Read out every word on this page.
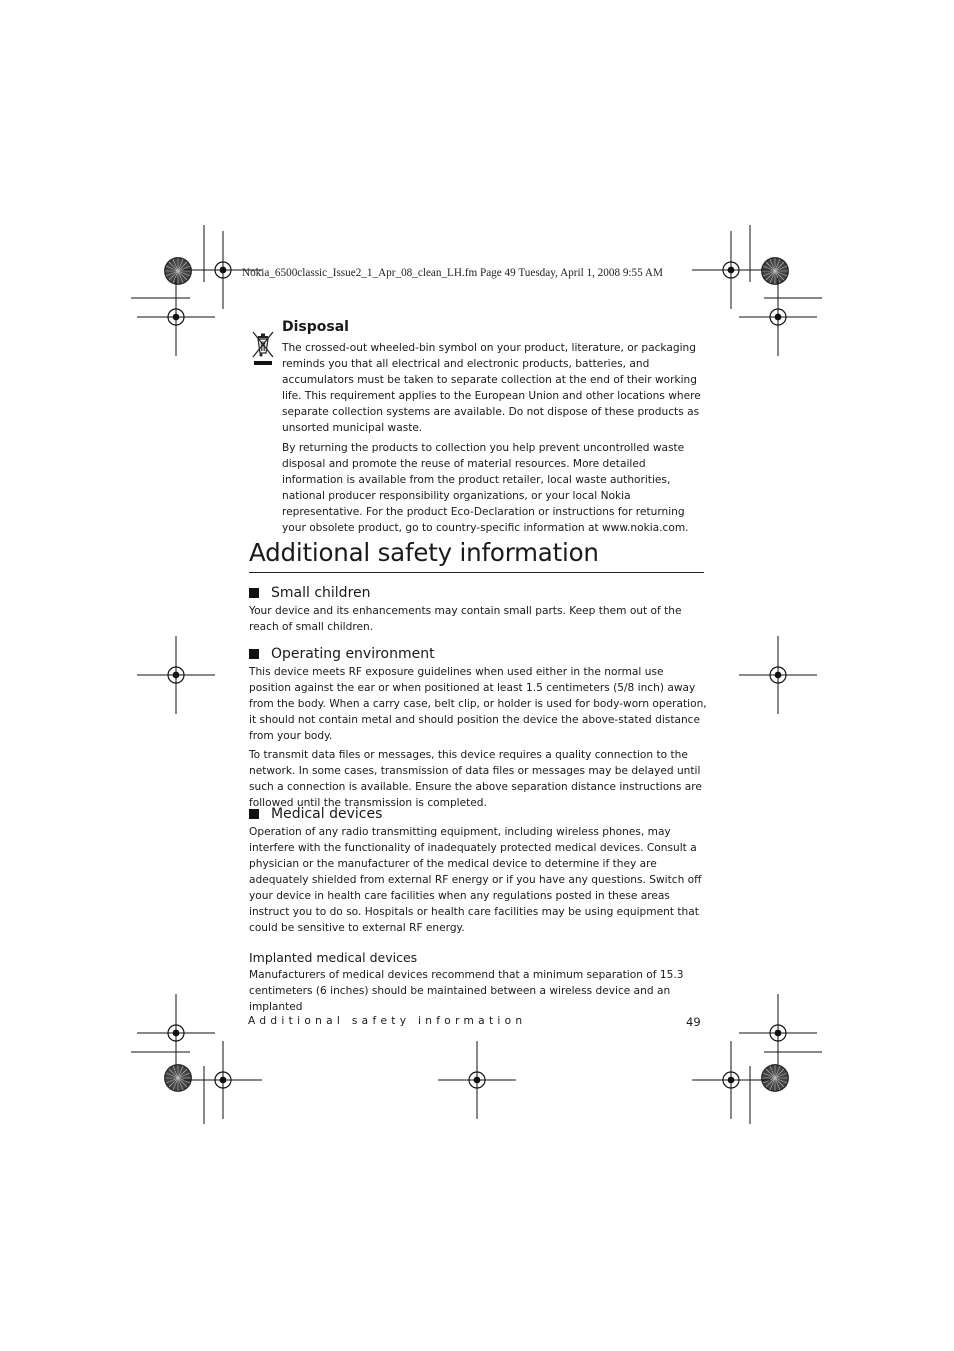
Nokia_6500classic_Issue2_1_Apr_08_clean_LH.fm Page 49 Tuesday, April 1, 2008 9:55 AM
Disposal

The crossed-out wheeled-bin symbol on your product, literature, or packaging reminds you that all electrical and electronic products, batteries, and accumulators must be taken to separate collection at the end of their working life. This requirement applies to the European Union and other locations where separate collection systems are available. Do not dispose of these products as unsorted municipal waste.

By returning the products to collection you help prevent uncontrolled waste disposal and promote the reuse of material resources. More detailed information is available from the product retailer, local waste authorities, national producer responsibility organizations, or your local Nokia representative. For the product Eco-Declaration or instructions for returning your obsolete product, go to country-specific information at www.nokia.com.

Additional safety information
Small children

Your device and its enhancements may contain small parts. Keep them out of the reach of small children.

Operating environment

This device meets RF exposure guidelines when used either in the normal use position against the ear or when positioned at least 1.5 centimeters (5/8 inch) away from the body. When a carry case, belt clip, or holder is used for body-worn operation, it should not contain metal and should position the device the above-stated distance from your body.

To transmit data files or messages, this device requires a quality connection to the network. In some cases, transmission of data files or messages may be delayed until such a connection is available. Ensure the above separation distance instructions are followed until the transmission is completed.

Medical devices

Operation of any radio transmitting equipment, including wireless phones, may interfere with the functionality of inadequately protected medical devices. Consult a physician or the manufacturer of the medical device to determine if they are adequately shielded from external RF energy or if you have any questions. Switch off your device in health care facilities when any regulations posted in these areas instruct you to do so. Hospitals or health care facilities may be using equipment that could be sensitive to external RF energy.

Implanted medical devices

Manufacturers of medical devices recommend that a minimum separation of 15.3 centimeters (6 inches) should be maintained between a wireless device and an implanted

Additional safety information	49
